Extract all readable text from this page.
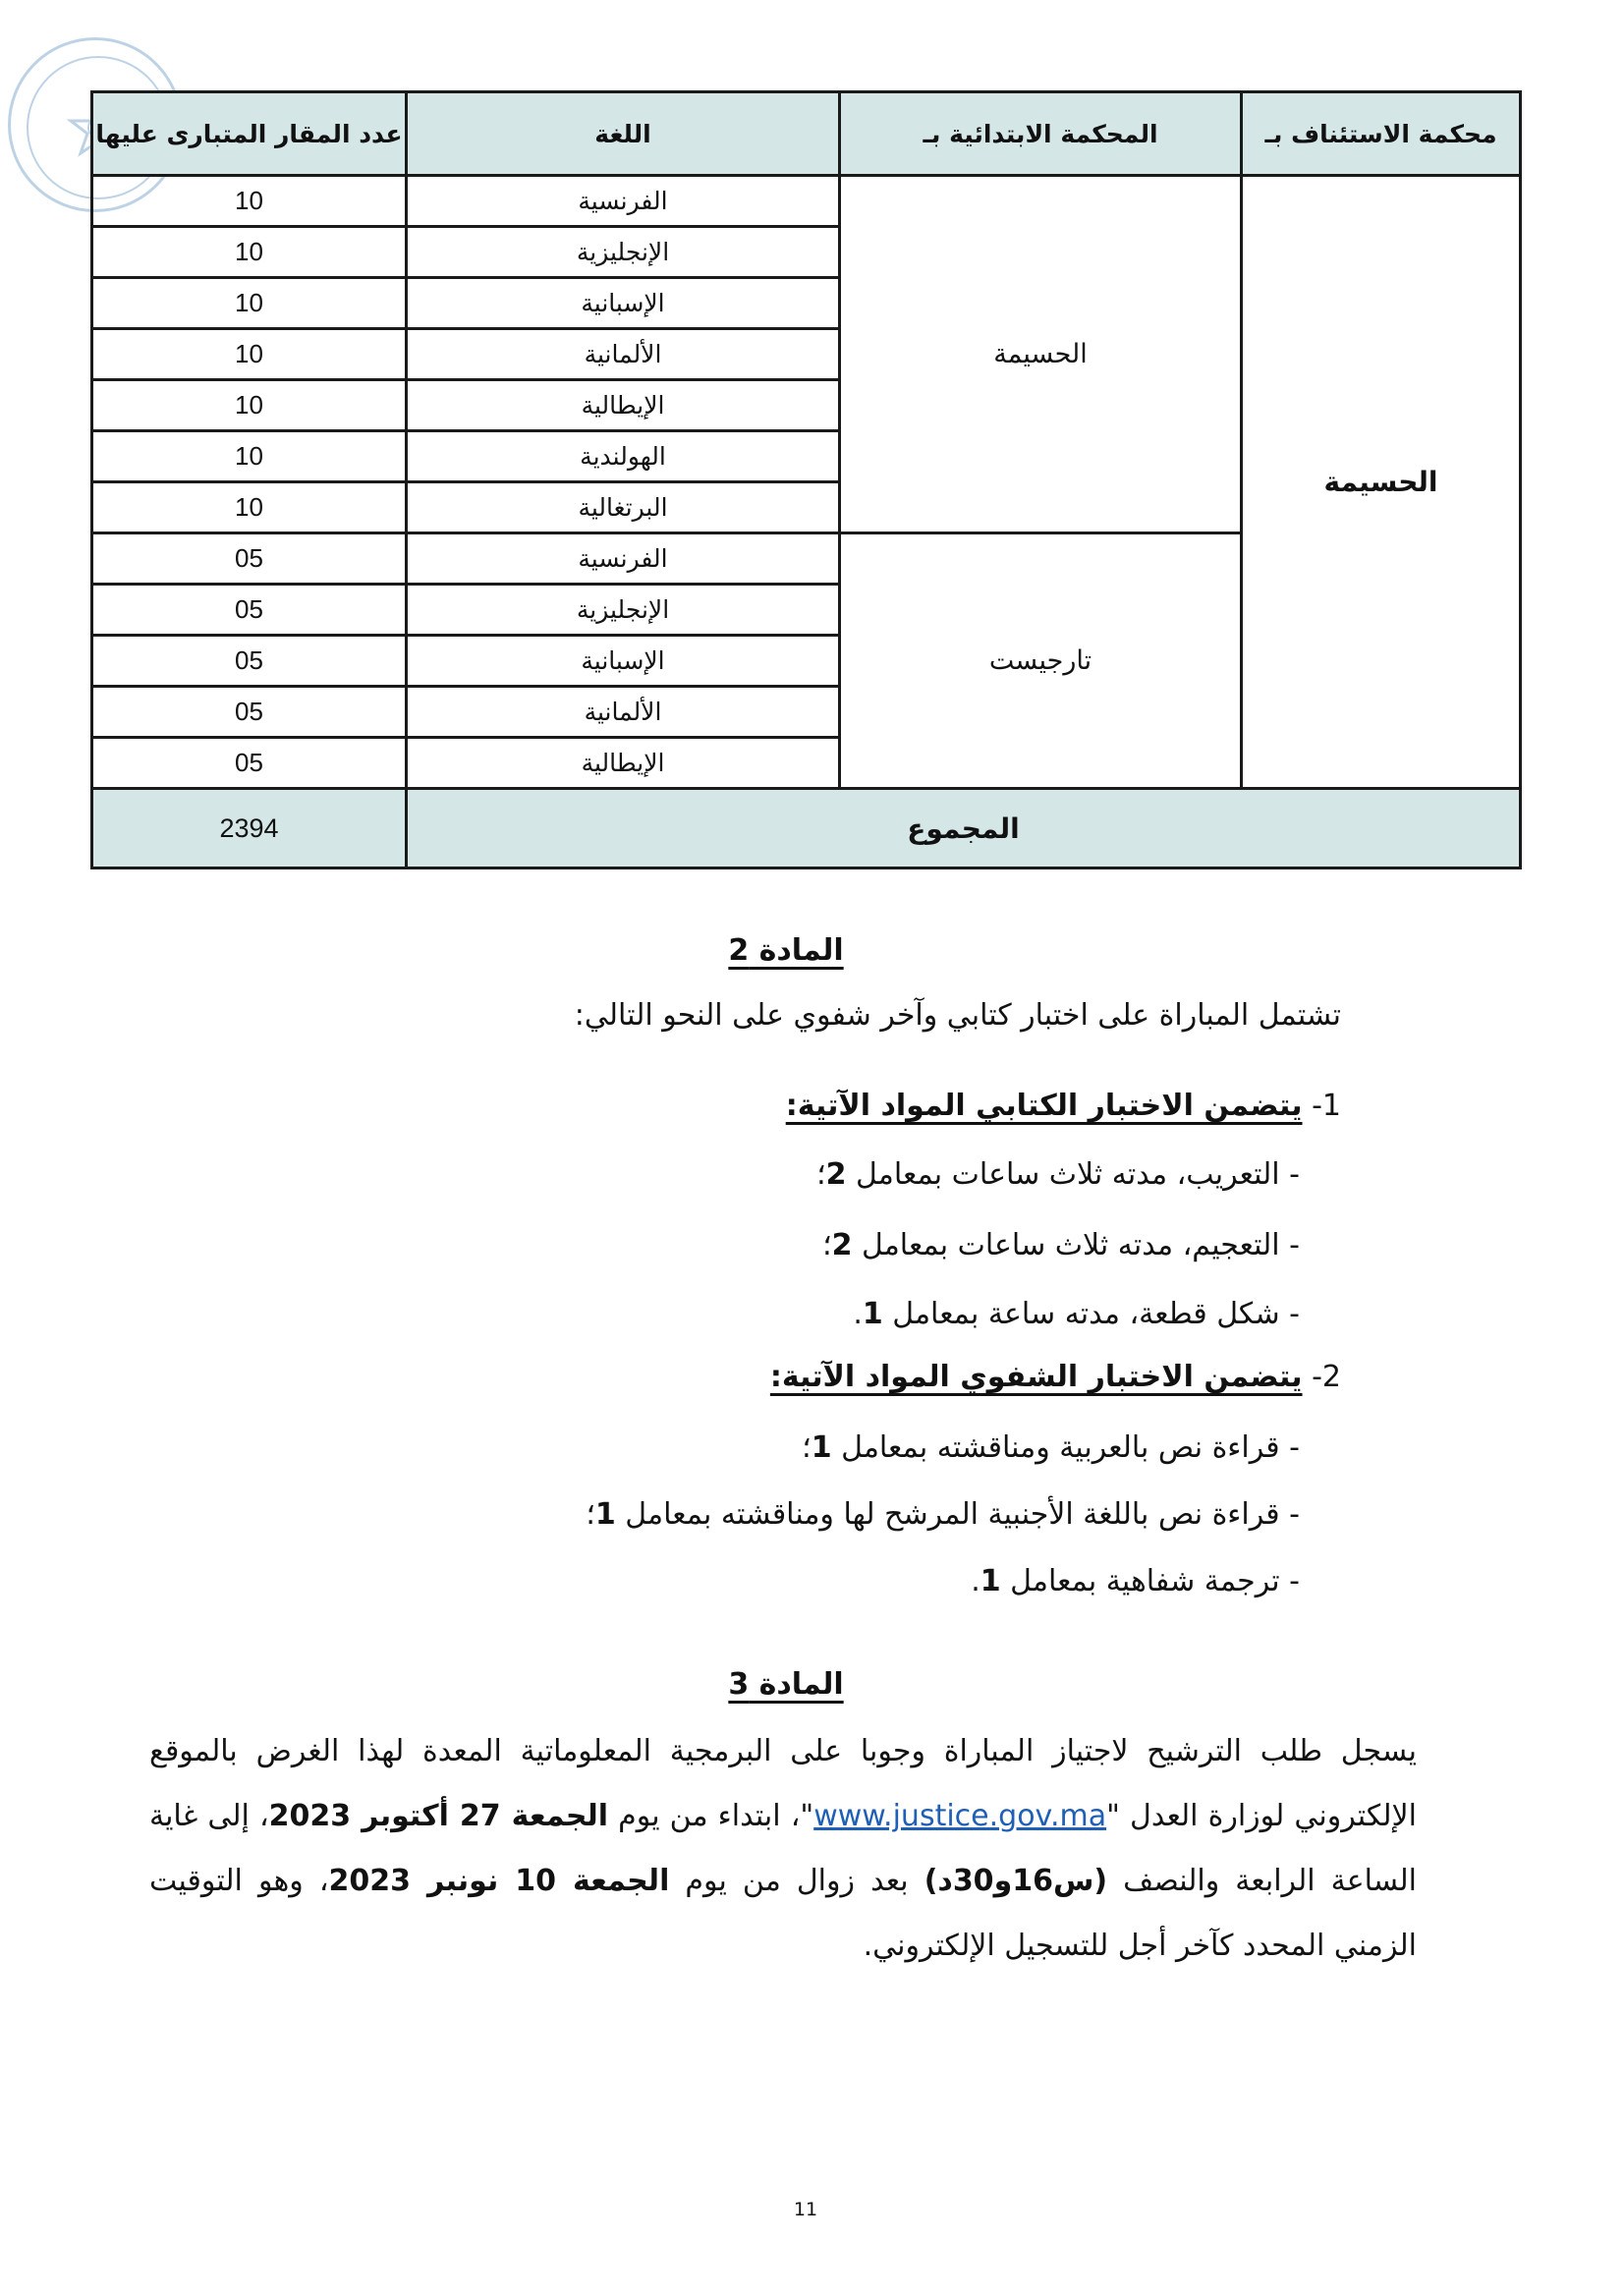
محكمة الاستئناف بـ	المحكمة الابتدائية بـ	اللغة	عدد المقار المتبارى عليها
الحسيمة	الحسيمة	الفرنسية	10
		الإنجليزية	10
		الإسبانية	10
		الألمانية	10
		الإيطالية	10
		الهولندية	10
		البرتغالية	10
	تارجيست	الفرنسية	05
		الإنجليزية	05
		الإسبانية	05
		الألمانية	05
		الإيطالية	05
المجموع			2394
المادة 2
تشتمل المباراة على اختبار كتابي وآخر شفوي على النحو التالي:
1- يتضمن الاختبار الكتابي المواد الآتية:
- التعريب، مدته ثلاث ساعات بمعامل 2؛
- التعجيم، مدته ثلاث ساعات بمعامل 2؛
- شكل قطعة، مدته ساعة بمعامل 1.
2- يتضمن الاختبار الشفوي المواد الآتية:
- قراءة نص بالعربية ومناقشته بمعامل 1؛
- قراءة نص باللغة الأجنبية المرشح لها ومناقشته بمعامل 1؛
- ترجمة شفاهية بمعامل 1.
المادة 3
يسجل طلب الترشيح لاجتياز المباراة وجوبا على البرمجية المعلوماتية المعدة لهذا الغرض بالموقع الإلكتروني لوزارة العدل "www.justice.gov.ma"، ابتداء من يوم الجمعة 27 أكتوبر 2023، إلى غاية الساعة الرابعة والنصف (س16و30د) بعد زوال من يوم الجمعة 10 نونبر 2023، وهو التوقيت الزمني المحدد كآخر أجل للتسجيل الإلكتروني.
11
